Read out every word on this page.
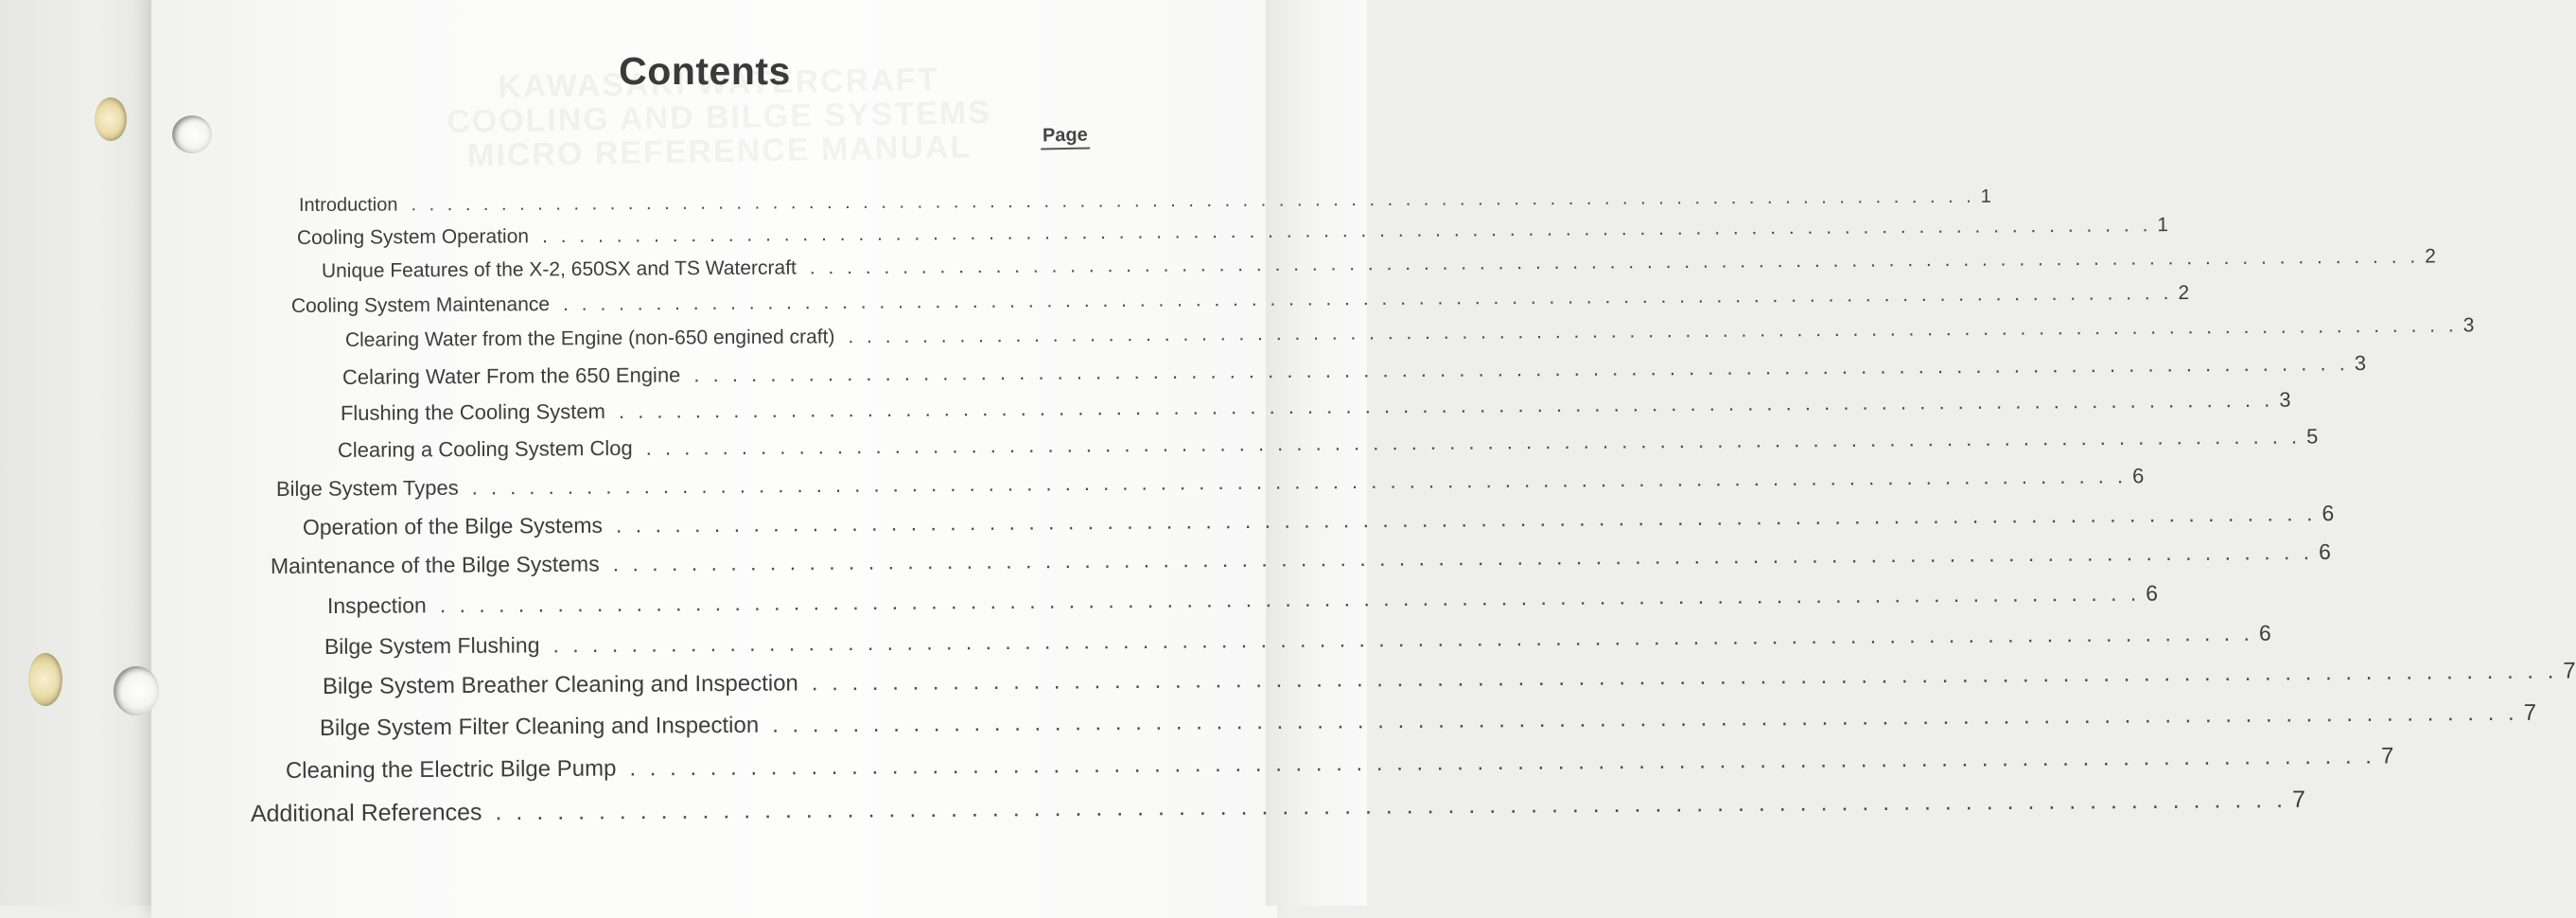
Contents
Page
Introduction . . . . . . . . . . . . . . . . . . . . . . . . . . . . . . . . . . . . . . . . . . . . . . . . . . . . . . . . . . . . . . . . . . . . . . . . . . . . . . . . . . . . . . . 1
Cooling System Operation . . . . . . . . . . . . . . . . . . . . . . . . . . . . . . . . . . . . . . . . . . . . . . . . . . . . . . . . . . . . . . . . . . . . . . . . . . . . . . . . . . . . . . . 1
Unique Features of the X-2, 650SX and TS Watercraft . . . . . . . . . . . . . . . . . . . . . . . . . . . . . . . . . . . . . . . . . . . . . . . . . . . . . . . . . . . . . . . . . . . . . . . . . . . . . . . . . . . . . . . 2
Cooling System Maintenance . . . . . . . . . . . . . . . . . . . . . . . . . . . . . . . . . . . . . . . . . . . . . . . . . . . . . . . . . . . . . . . . . . . . . . . . . . . . . . . . . . . . . . . 2
Clearing Water from the Engine (non-650 engined craft) . . . . . . . . . . . . . . . . . . . . . . . . . . . . . . . . . . . . . . . . . . . . . . . . . . . . . . . . . . . . . . . . . . . . . . . . . . . . . . . . . . . . . . . 3
Celaring Water From the 650 Engine . . . . . . . . . . . . . . . . . . . . . . . . . . . . . . . . . . . . . . . . . . . . . . . . . . . . . . . . . . . . . . . . . . . . . . . . . . . . . . . . . . . . . . . 3
Flushing the Cooling System . . . . . . . . . . . . . . . . . . . . . . . . . . . . . . . . . . . . . . . . . . . . . . . . . . . . . . . . . . . . . . . . . . . . . . . . . . . . . . . . . . . . . . . 3
Clearing a Cooling System Clog . . . . . . . . . . . . . . . . . . . . . . . . . . . . . . . . . . . . . . . . . . . . . . . . . . . . . . . . . . . . . . . . . . . . . . . . . . . . . . . . . . . . . . . 5
Bilge System Types . . . . . . . . . . . . . . . . . . . . . . . . . . . . . . . . . . . . . . . . . . . . . . . . . . . . . . . . . . . . . . . . . . . . . . . . . . . . . . . . . . . . . . . 6
Operation of the Bilge Systems . . . . . . . . . . . . . . . . . . . . . . . . . . . . . . . . . . . . . . . . . . . . . . . . . . . . . . . . . . . . . . . . . . . . . . . . . . . . . . . . . . . . . . . 6
Maintenance of the Bilge Systems . . . . . . . . . . . . . . . . . . . . . . . . . . . . . . . . . . . . . . . . . . . . . . . . . . . . . . . . . . . . . . . . . . . . . . . . . . . . . . . . . . . . . . . 6
Inspection . . . . . . . . . . . . . . . . . . . . . . . . . . . . . . . . . . . . . . . . . . . . . . . . . . . . . . . . . . . . . . . . . . . . . . . . . . . . . . . . . . . . . . . 6
Bilge System Flushing . . . . . . . . . . . . . . . . . . . . . . . . . . . . . . . . . . . . . . . . . . . . . . . . . . . . . . . . . . . . . . . . . . . . . . . . . . . . . . . . . . . . . . . 6
Bilge System Breather Cleaning and Inspection . . . . . . . . . . . . . . . . . . . . . . . . . . . . . . . . . . . . . . . . . . . . . . . . . . . . . . . . . . . . . . . . . . . . . . . . . . . . . . . . . . . . . . . 7
Bilge System Filter Cleaning and Inspection . . . . . . . . . . . . . . . . . . . . . . . . . . . . . . . . . . . . . . . . . . . . . . . . . . . . . . . . . . . . . . . . . . . . . . . . . . . . . . . . . . . . . . . 7
Cleaning the Electric Bilge Pump . . . . . . . . . . . . . . . . . . . . . . . . . . . . . . . . . . . . . . . . . . . . . . . . . . . . . . . . . . . . . . . . . . . . . . . . . . . . . . . . . . . . . . . 7
Additional References . . . . . . . . . . . . . . . . . . . . . . . . . . . . . . . . . . . . . . . . . . . . . . . . . . . . . . . . . . . . . . . . . . . . . . . . . . . . . . . . . . . . . . . 7
